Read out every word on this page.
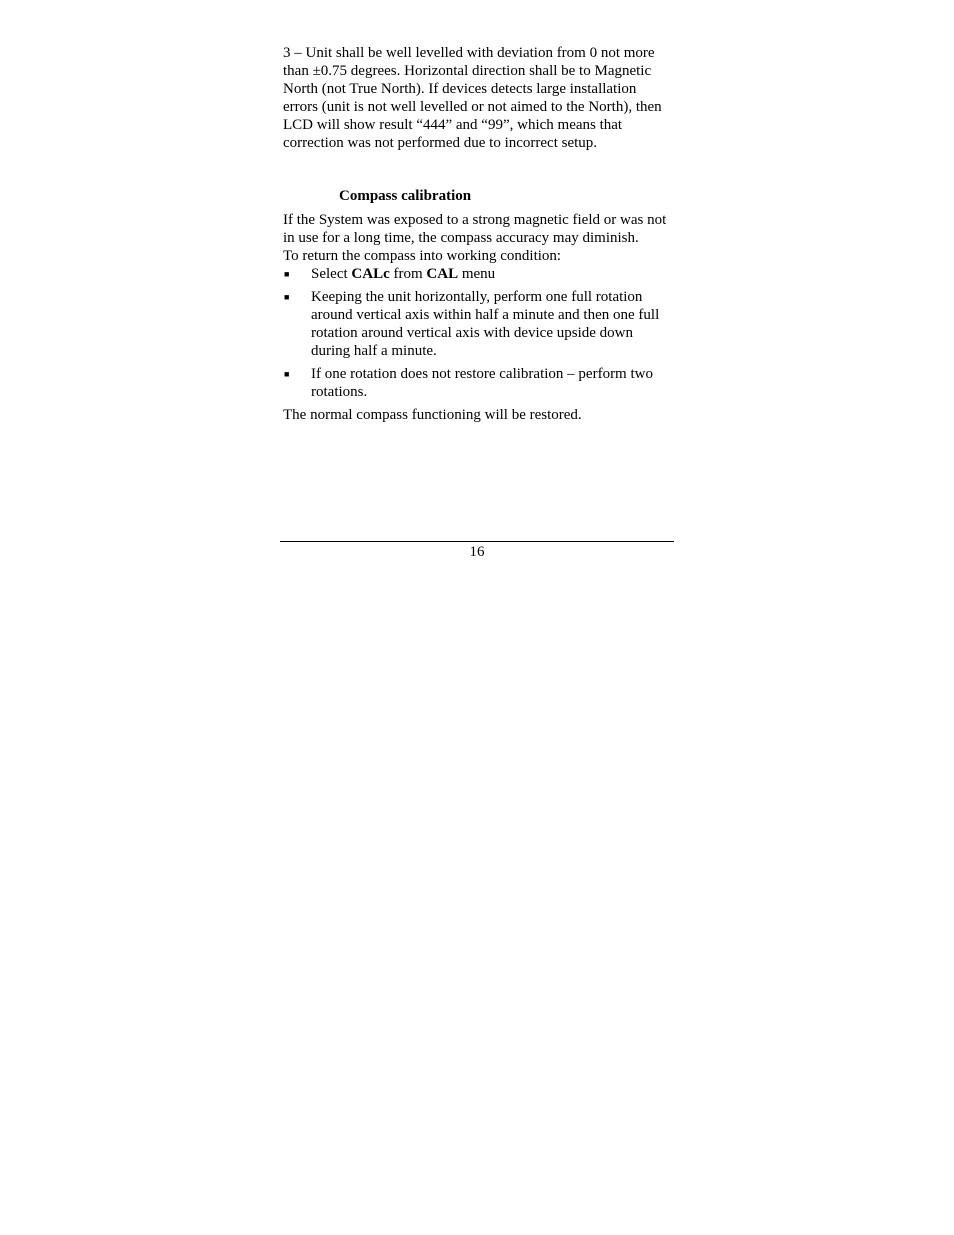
3 – Unit shall be well levelled with deviation from 0 not more than ±0.75 degrees. Horizontal direction shall be to Magnetic North (not True North). If devices detects large installation errors (unit is not well levelled or not aimed to the North), then LCD will show result “444” and “99”, which means that correction was not performed due to incorrect setup.

Compass calibration

If the System was exposed to a strong magnetic field or was not in use for a long time, the compass accuracy may diminish.

To return the compass into working condition:

■ Select CALc from CAL menu
■ Keeping the unit horizontally, perform one full rotation around vertical axis within half a minute and then one full rotation around vertical axis with device upside down during half a minute.
■ If one rotation does not restore calibration – perform two rotations.

The normal compass functioning will be restored.

16
